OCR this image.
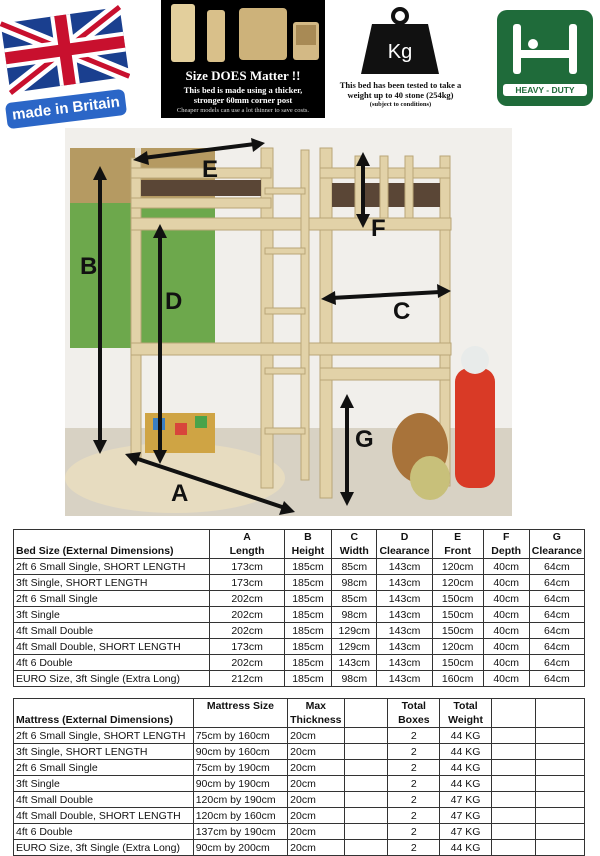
made in Britain
Size DOES Matter !!
This bed is made using a thicker,
stronger 60mm corner post
Cheaper models can use a lot thinner to save costs.
Kg
This bed has been tested to take a
weight up to 40 stone (254kg)
(subject to conditions)
HEAVY - DUTY
B
D
E
F
C
G
A
	A	B	C	D	E	F	G
Bed Size (External Dimensions)	Length	Height	Width	Clearance	Front	Depth	Clearance
2ft 6 Small Single, SHORT LENGTH	173cm	185cm	85cm	143cm	120cm	40cm	64cm
3ft Single, SHORT LENGTH	173cm	185cm	98cm	143cm	120cm	40cm	64cm
2ft 6 Small Single	202cm	185cm	85cm	143cm	150cm	40cm	64cm
3ft Single	202cm	185cm	98cm	143cm	150cm	40cm	64cm
4ft Small Double	202cm	185cm	129cm	143cm	150cm	40cm	64cm
4ft Small Double, SHORT LENGTH	173cm	185cm	129cm	143cm	120cm	40cm	64cm
4ft 6 Double	202cm	185cm	143cm	143cm	150cm	40cm	64cm
EURO Size, 3ft Single (Extra Long)	212cm	185cm	98cm	143cm	160cm	40cm	64cm
	Mattress Size	Max		Total	Total		
Mattress (External Dimensions)		Thickness		Boxes	Weight		
2ft 6 Small Single, SHORT LENGTH	75cm by 160cm	20cm		2	44 KG		
3ft Single, SHORT LENGTH	90cm by 160cm	20cm		2	44 KG		
2ft 6 Small Single	75cm by 190cm	20cm		2	44 KG		
3ft Single	90cm by 190cm	20cm		2	44 KG		
4ft Small Double	120cm by 190cm	20cm		2	47 KG		
4ft Small Double, SHORT LENGTH	120cm by 160cm	20cm		2	47 KG		
4ft 6 Double	137cm by 190cm	20cm		2	47 KG		
EURO Size, 3ft Single (Extra Long)	90cm by 200cm	20cm		2	44 KG		
